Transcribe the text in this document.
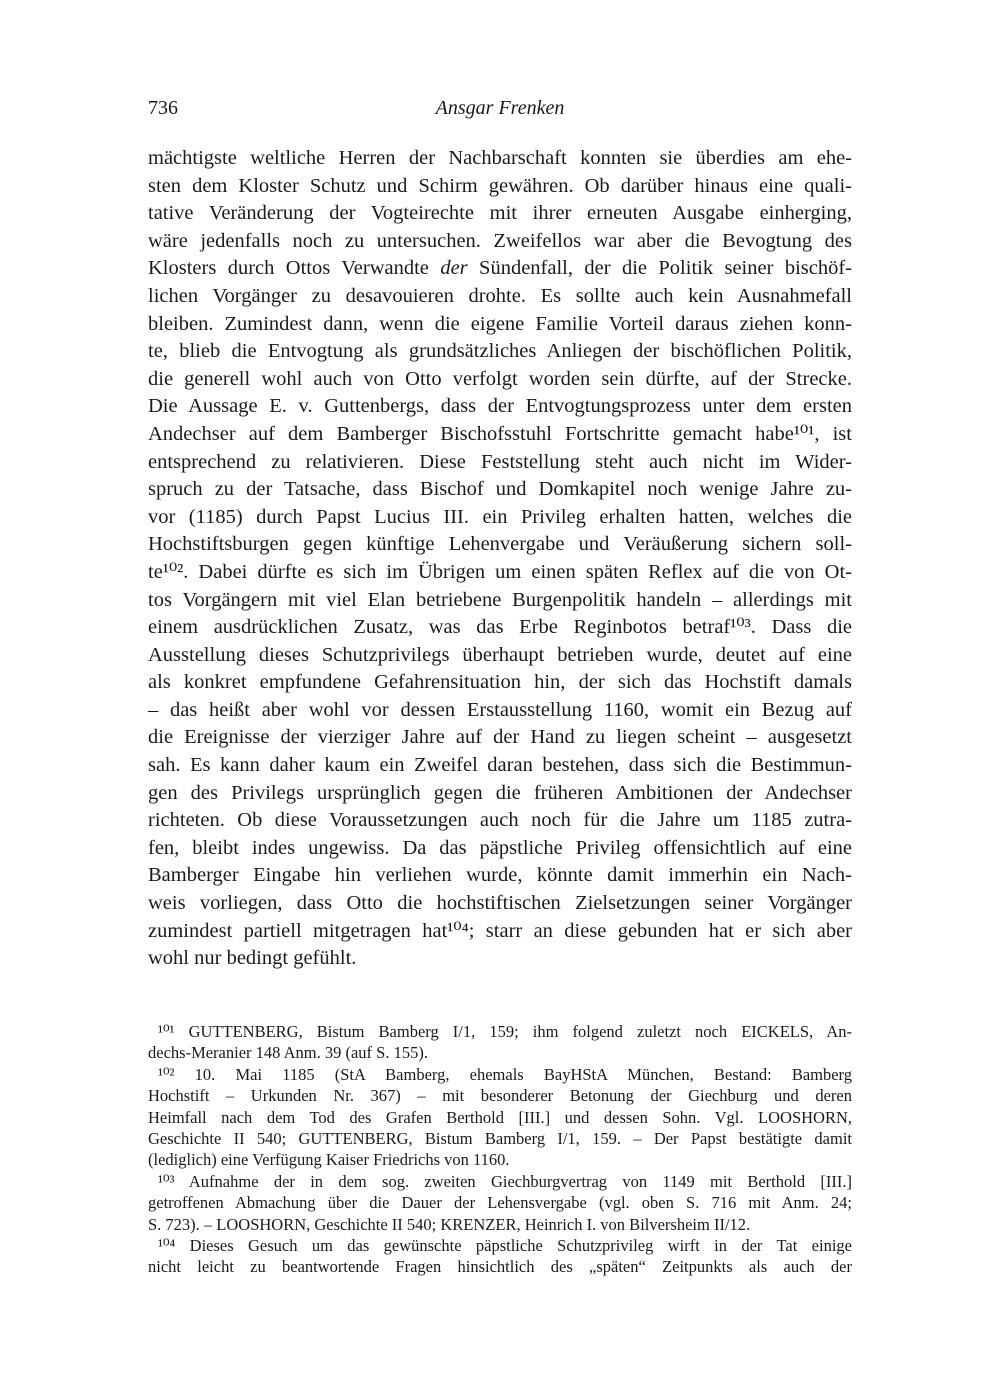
736	Ansgar Frenken
mächtigste weltliche Herren der Nachbarschaft konnten sie überdies am ehe-
sten dem Kloster Schutz und Schirm gewähren. Ob darüber hinaus eine quali-
tative Veränderung der Vogteirechte mit ihrer erneuten Ausgabe einherging,
wäre jedenfalls noch zu untersuchen. Zweifellos war aber die Bevogtung des
Klosters durch Ottos Verwandte der Sündenfall, der die Politik seiner bischöf-
lichen Vorgänger zu desavouieren drohte. Es sollte auch kein Ausnahmefall
bleiben. Zumindest dann, wenn die eigene Familie Vorteil daraus ziehen konn-
te, blieb die Entvogtung als grundsätzliches Anliegen der bischöflichen Politik,
die generell wohl auch von Otto verfolgt worden sein dürfte, auf der Strecke.
Die Aussage E. v. Guttenbergs, dass der Entvogtungsprozess unter dem ersten
Andechser auf dem Bamberger Bischofsstuhl Fortschritte gemacht habe¹⁰¹, ist
entsprechend zu relativieren. Diese Feststellung steht auch nicht im Wider-
spruch zu der Tatsache, dass Bischof und Domkapitel noch wenige Jahre zu-
vor (1185) durch Papst Lucius III. ein Privileg erhalten hatten, welches die
Hochstiftsburgen gegen künftige Lehenvergabe und Veräußerung sichern soll-
te¹⁰². Dabei dürfte es sich im Übrigen um einen späten Reflex auf die von Ot-
tos Vorgängern mit viel Elan betriebene Burgenpolitik handeln – allerdings mit
einem ausdrücklichen Zusatz, was das Erbe Reginbotos betraf¹⁰³. Dass die
Ausstellung dieses Schutzprivilegs überhaupt betrieben wurde, deutet auf eine
als konkret empfundene Gefahrensituation hin, der sich das Hochstift damals
– das heißt aber wohl vor dessen Erstausstellung 1160, womit ein Bezug auf
die Ereignisse der vierziger Jahre auf der Hand zu liegen scheint – ausgesetzt
sah. Es kann daher kaum ein Zweifel daran bestehen, dass sich die Bestimmun-
gen des Privilegs ursprünglich gegen die früheren Ambitionen der Andechser
richteten. Ob diese Voraussetzungen auch noch für die Jahre um 1185 zutra-
fen, bleibt indes ungewiss. Da das päpstliche Privileg offensichtlich auf eine
Bamberger Eingabe hin verliehen wurde, könnte damit immerhin ein Nach-
weis vorliegen, dass Otto die hochstiftischen Zielsetzungen seiner Vorgänger
zumindest partiell mitgetragen hat¹⁰⁴; starr an diese gebunden hat er sich aber
wohl nur bedingt gefühlt.
¹⁰¹ GUTTENBERG, Bistum Bamberg I/1, 159; ihm folgend zuletzt noch EICKELS, An-
dechs-Meranier 148 Anm. 39 (auf S. 155).
¹⁰² 10. Mai 1185 (StA Bamberg, ehemals BayHStA München, Bestand: Bamberg
Hochstift – Urkunden Nr. 367) – mit besonderer Betonung der Giechburg und deren
Heimfall nach dem Tod des Grafen Berthold [III.] und dessen Sohn. Vgl. LOOSHORN,
Geschichte II 540; GUTTENBERG, Bistum Bamberg I/1, 159. – Der Papst bestätigte damit
(lediglich) eine Verfügung Kaiser Friedrichs von 1160.
¹⁰³ Aufnahme der in dem sog. zweiten Giechburgvertrag von 1149 mit Berthold [III.]
getroffenen Abmachung über die Dauer der Lehensvergabe (vgl. oben S. 716 mit Anm. 24;
S. 723). – LOOSHORN, Geschichte II 540; KRENZER, Heinrich I. von Bilversheim II/12.
¹⁰⁴ Dieses Gesuch um das gewünschte päpstliche Schutzprivileg wirft in der Tat einige
nicht leicht zu beantwortende Fragen hinsichtlich des „späten“ Zeitpunkts als auch der
